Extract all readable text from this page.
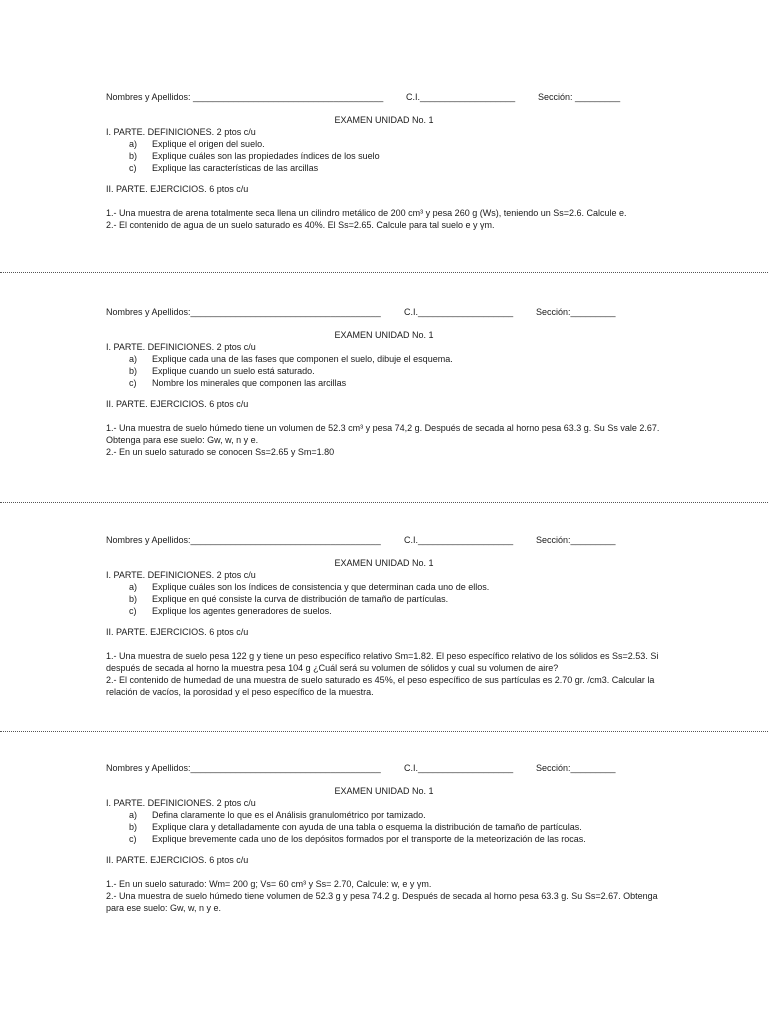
Nombres y Apellidos: ______________________________________	C.I.___________________	Sección: _________
EXAMEN UNIDAD No. 1
I. PARTE. DEFINICIONES. 2 ptos c/u
a) Explique el origen del suelo.
b) Explique cuáles son las propiedades índices de los suelo
c) Explique las características de las arcillas
II. PARTE. EJERCICIOS. 6 ptos c/u

1.- Una muestra de arena totalmente seca llena un cilindro metálico de 200 cm³ y pesa 260 g (Ws), teniendo un Ss=2.6. Calcule e.

2.- El contenido de agua de un suelo saturado es 40%. El Ss=2.65. Calcule para tal suelo e y γm.

Nombres y Apellidos:______________________________________	C.I.___________________	Sección:_________
EXAMEN UNIDAD No. 1
I. PARTE. DEFINICIONES. 2 ptos c/u
a) Explique cada una de las fases que componen el suelo, dibuje el esquema.
b) Explique cuando un suelo está saturado.
c) Nombre los minerales que componen las arcillas
II. PARTE. EJERCICIOS. 6 ptos c/u

1.- Una muestra de suelo húmedo tiene un volumen de 52.3 cm³ y pesa 74,2 g. Después de secada al horno pesa 63.3 g. Su Ss vale 2.67. Obtenga para ese suelo: Gw, w, n y e.

2.- En un suelo saturado se conocen Ss=2.65 y Sm=1.80

Nombres y Apellidos:______________________________________	C.I.___________________	Sección:_________
EXAMEN UNIDAD No. 1
I. PARTE. DEFINICIONES. 2 ptos c/u
a) Explique cuáles son los índices de consistencia y que determinan cada uno de ellos.
b) Explique en qué consiste la curva de distribución de tamaño de partículas.
c) Explique los agentes generadores de suelos.
II. PARTE. EJERCICIOS. 6 ptos c/u

1.- Una muestra de suelo pesa 122 g y tiene un peso específico relativo Sm=1.82. El peso específico relativo de los sólidos es Ss=2.53. Si después de secada al horno la muestra pesa 104 g ¿Cuál será su volumen de sólidos y cual su volumen de aire?

2.- El contenido de humedad de una muestra de suelo saturado es 45%, el peso específico de sus partículas es 2.70 gr. /cm3. Calcular la relación de vacíos, la porosidad y el peso específico de la muestra.

Nombres y Apellidos:______________________________________	C.I.___________________	Sección:_________
EXAMEN UNIDAD No. 1
I. PARTE. DEFINICIONES. 2 ptos c/u
a) Defina claramente lo que es el Análisis granulométrico por tamizado.
b) Explique clara y detalladamente con ayuda de una tabla o esquema la distribución de tamaño de partículas.
c) Explique brevemente cada uno de los depósitos formados por el transporte de la meteorización de las rocas.
II. PARTE. EJERCICIOS. 6 ptos c/u

1.- En un suelo saturado: Wm= 200 g; Vs= 60 cm³ y Ss= 2.70, Calcule: w, e y γm.

2.- Una muestra de suelo húmedo tiene volumen de 52.3 g y pesa 74.2 g. Después de secada al horno pesa 63.3 g. Su Ss=2.67. Obtenga para ese suelo: Gw, w, n y e.
